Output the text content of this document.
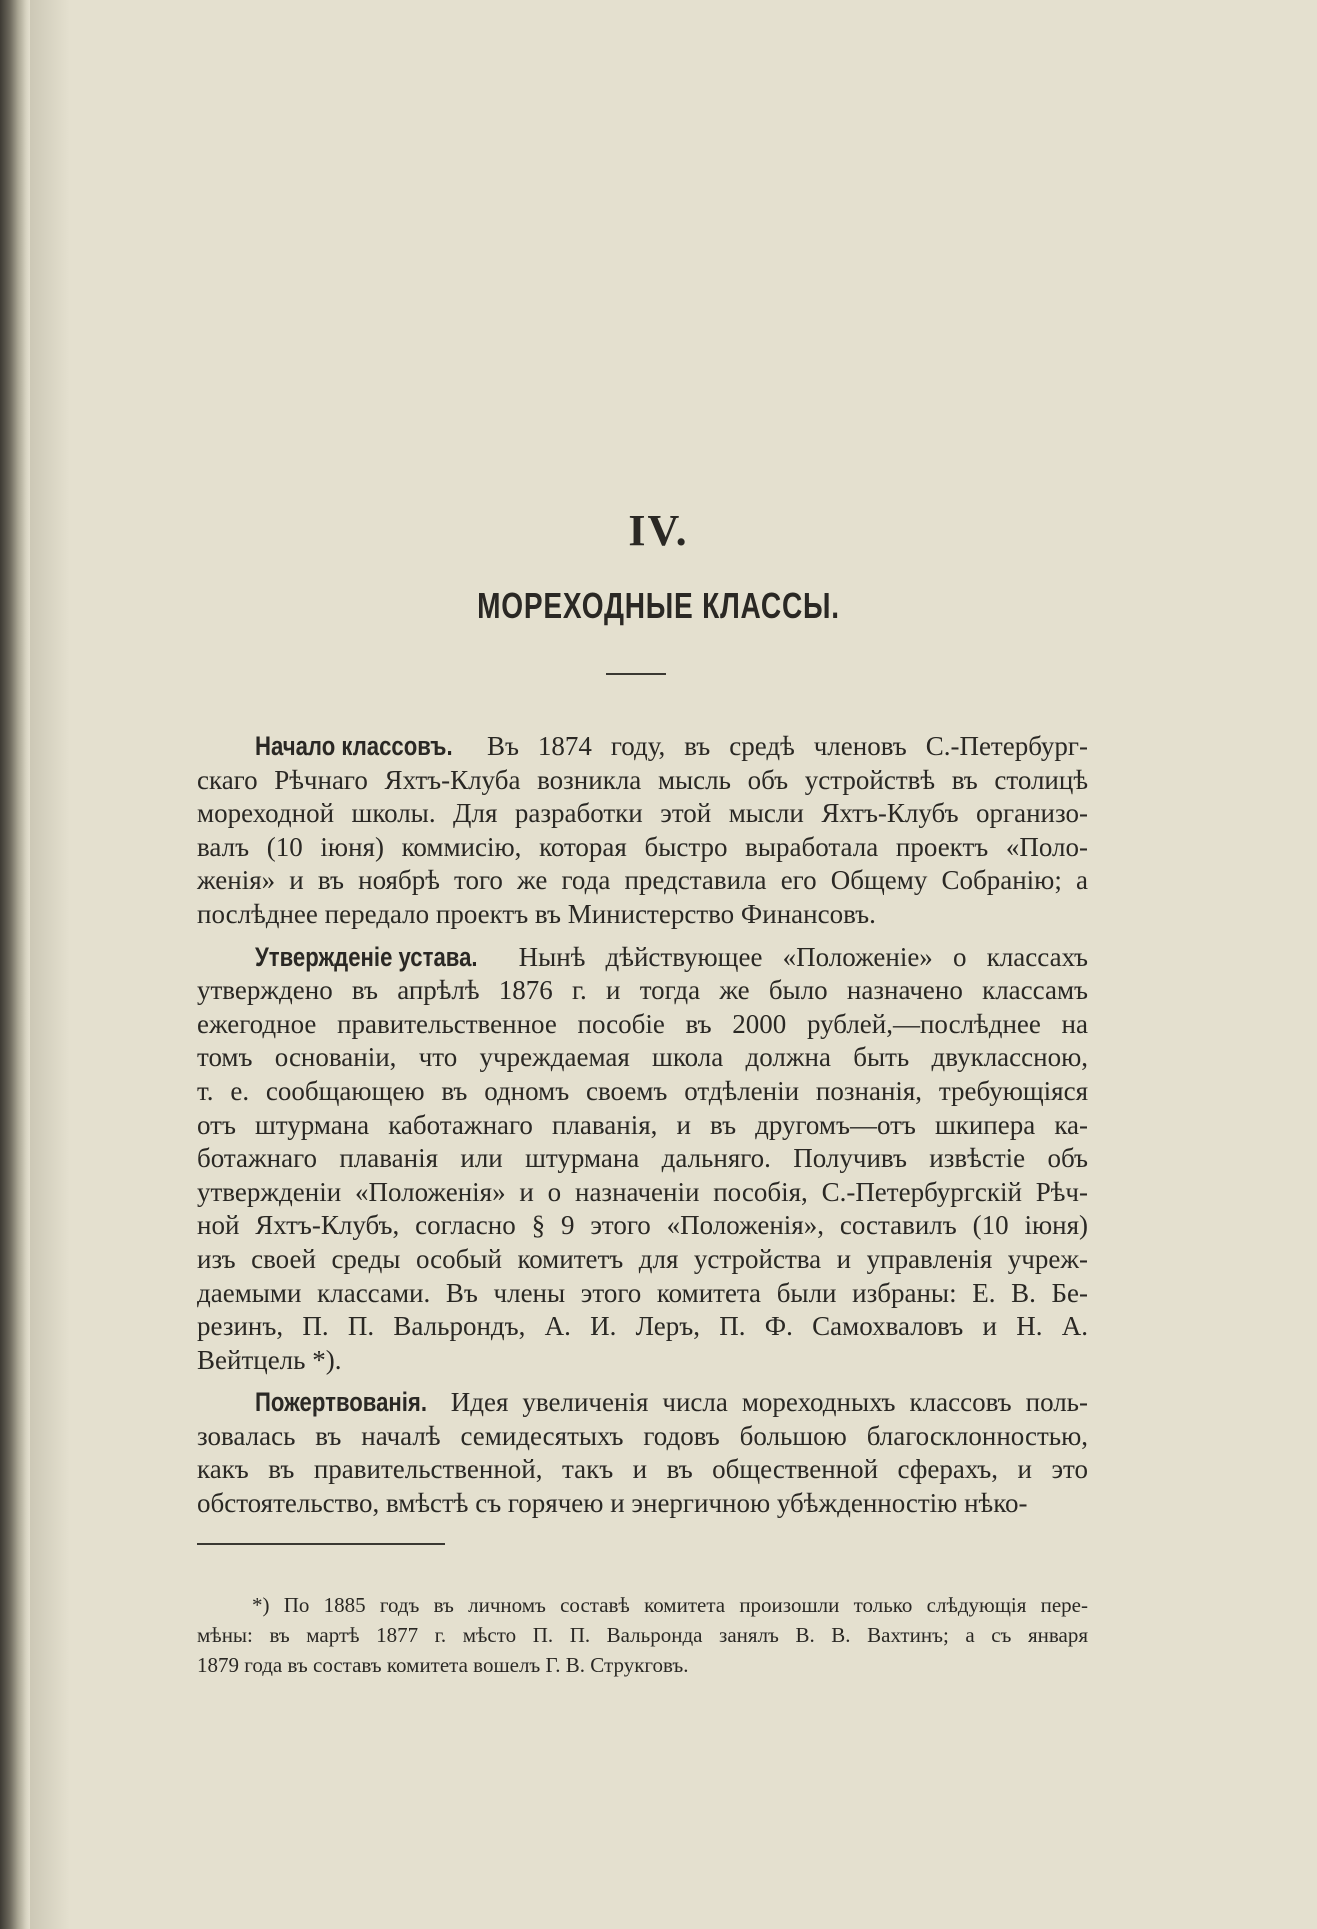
IV.
МОРЕХОДНЫЕ КЛАССЫ.
Начало классовъ. Въ 1874 году, въ средѣ членовъ С.-Петербург-
скаго Рѣчнаго Яхтъ-Клуба возникла мысль объ устройствѣ въ столицѣ
мореходной школы. Для разработки этой мысли Яхтъ-Клубъ организо-
валъ (10 іюня) коммисію, которая быстро выработала проектъ «Поло-
женія» и въ ноябрѣ того же года представила его Общему Собранію; а
послѣднее передало проектъ въ Министерство Финансовъ.
Утвержденіе устава. Нынѣ дѣйствующее «Положеніе» о классахъ
утверждено въ апрѣлѣ 1876 г. и тогда же было назначено классамъ
ежегодное правительственное пособіе въ 2000 рублей,—послѣднее на
томъ основаніи, что учреждаемая школа должна быть двуклассною,
т. е. сообщающею въ одномъ своемъ отдѣленіи познанія, требующіяся
отъ штурмана каботажнаго плаванія, и въ другомъ—отъ шкипера ка-
ботажнаго плаванія или штурмана дальняго. Получивъ извѣстіе объ
утвержденіи «Положенія» и о назначеніи пособія, С.-Петербургскій Рѣч-
ной Яхтъ-Клубъ, согласно § 9 этого «Положенія», составилъ (10 іюня)
изъ своей среды особый комитетъ для устройства и управленія учреж-
даемыми классами. Въ члены этого комитета были избраны: Е. В. Бе-
резинъ, П. П. Вальрондъ, А. И. Леръ, П. Ф. Самохваловъ и Н. А.
Вейтцель *).
Пожертвованія. Идея увеличенія числа мореходныхъ классовъ поль-
зовалась въ началѣ семидесятыхъ годовъ большою благосклонностью,
какъ въ правительственной, такъ и въ общественной сферахъ, и это
обстоятельство, вмѣстѣ съ горячею и энергичною убѣжденностію нѣко-
*) По 1885 годъ въ личномъ составѣ комитета произошли только слѣдующія пере-
мѣны: въ мартѣ 1877 г. мѣсто П. П. Вальронда занялъ В. В. Вахтинъ; а съ января
1879 года въ составъ комитета вошелъ Г. В. Струкговъ.
